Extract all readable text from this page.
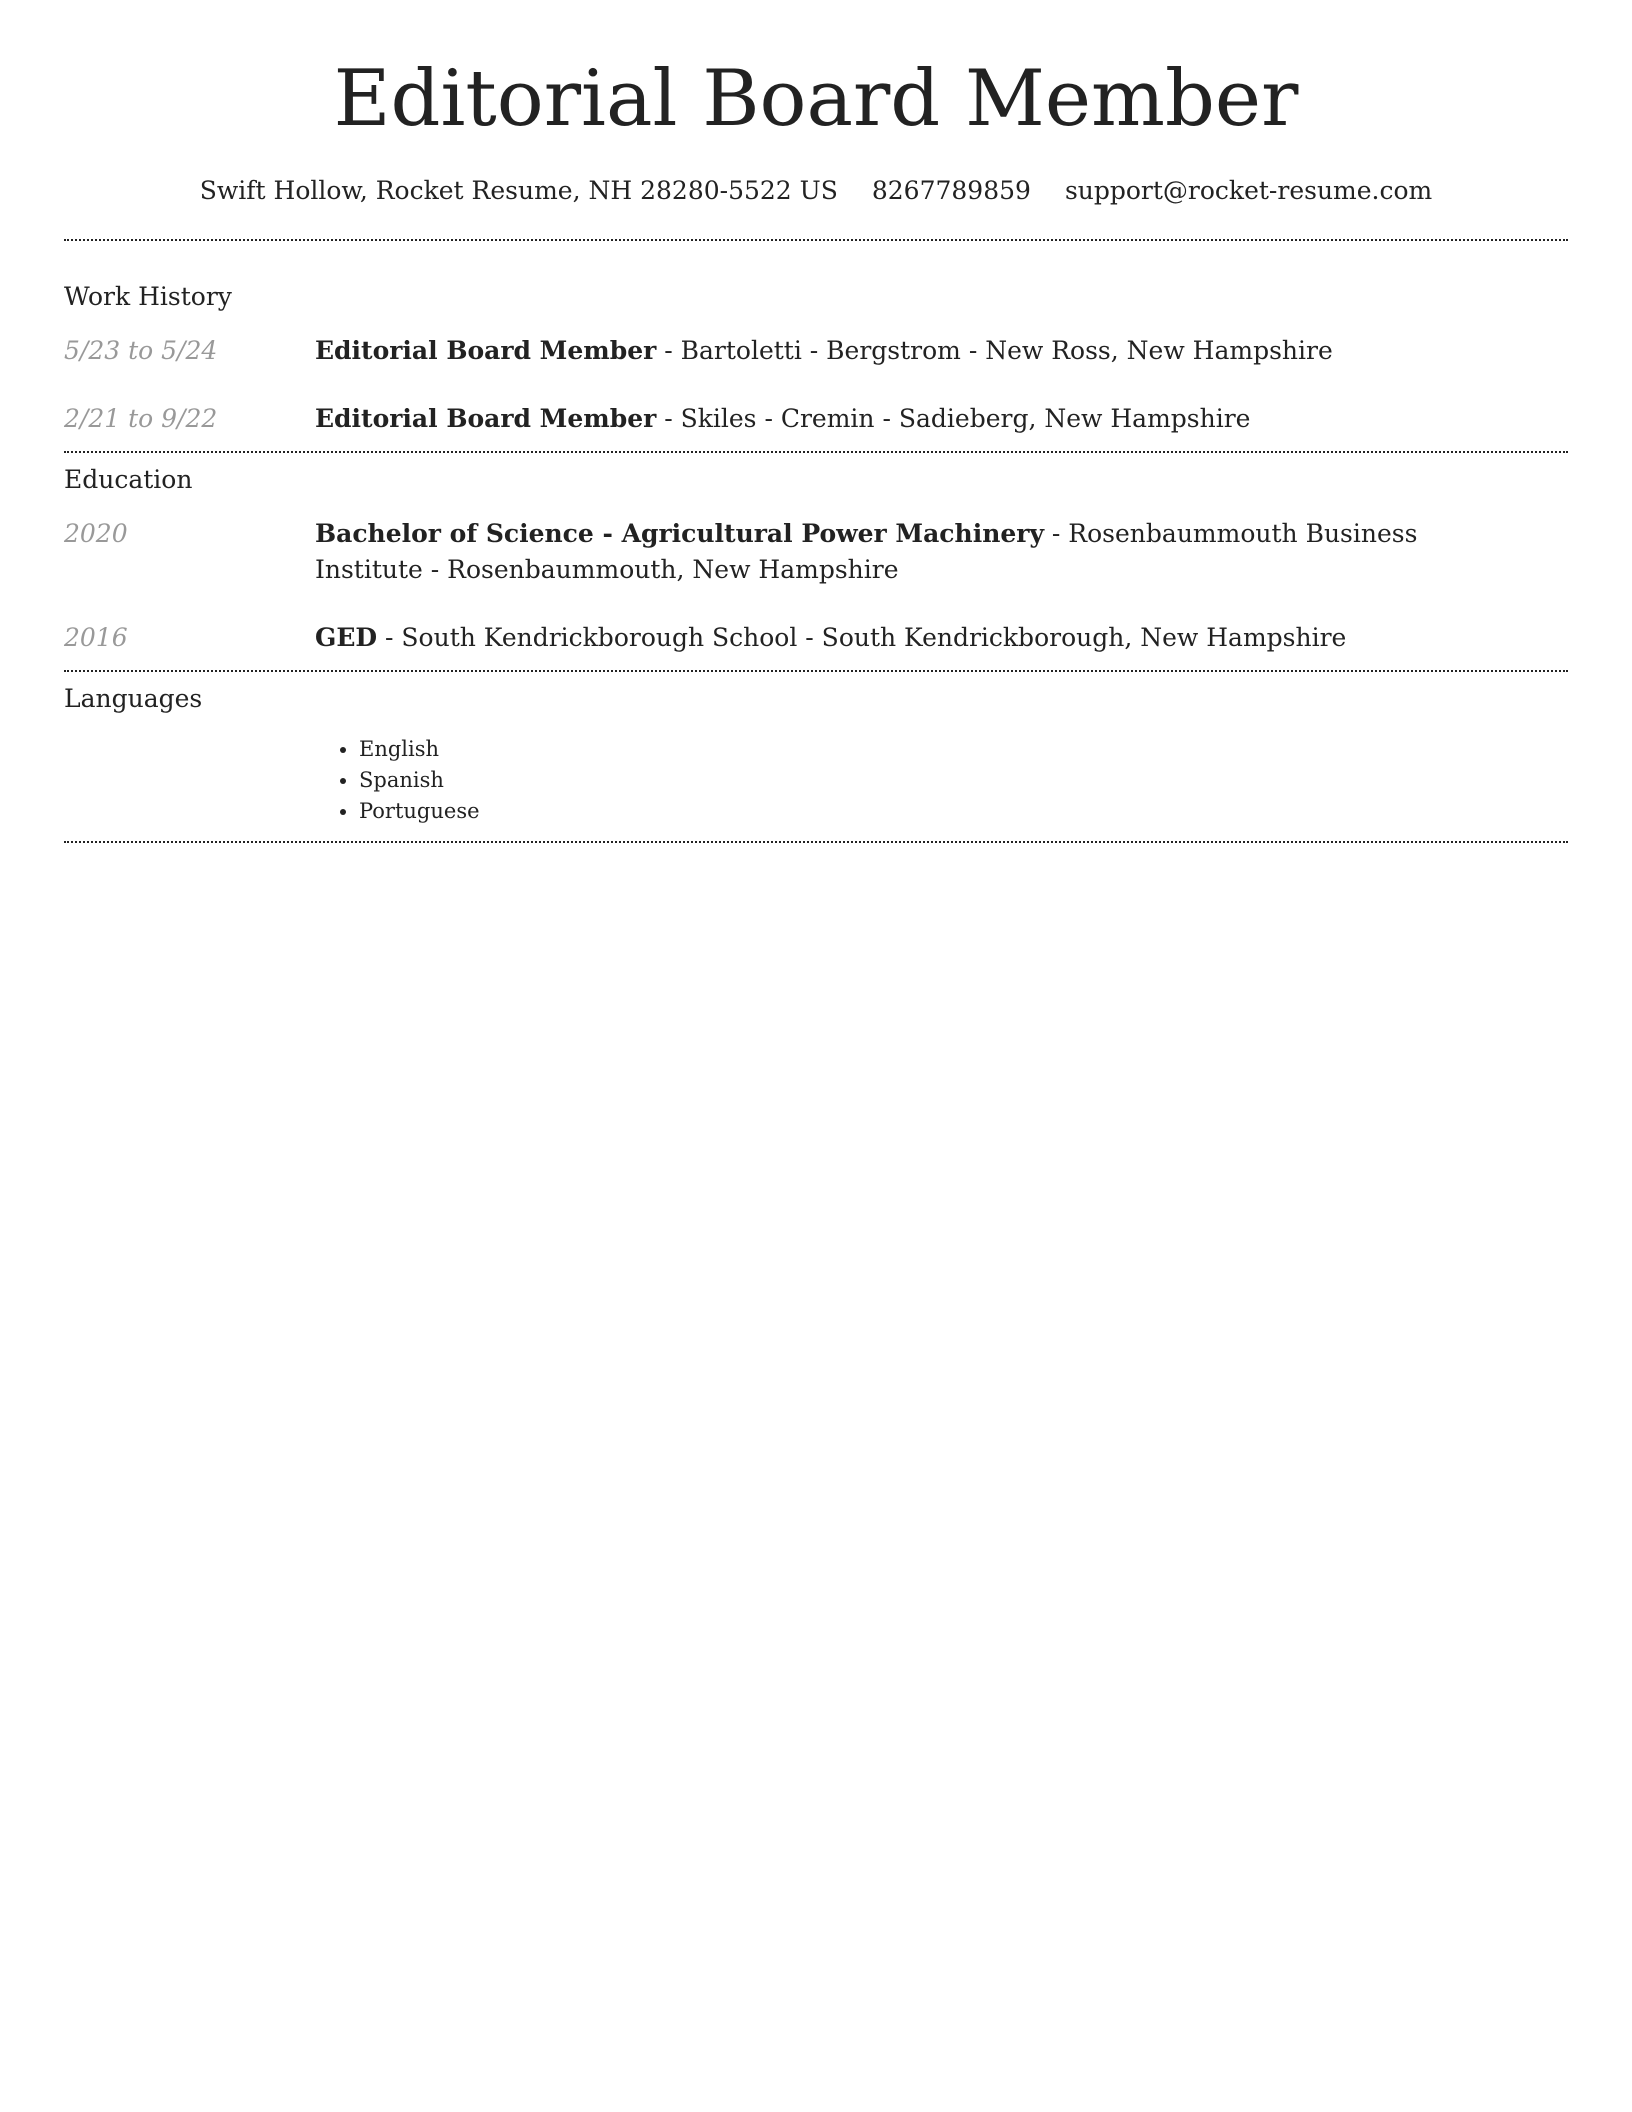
Editorial Board Member
Swift Hollow, Rocket Resume, NH 28280-5522 US 8267789859 support@rocket-resume.com
Work History
5/23 to 5/24	Editorial Board Member - Bartoletti - Bergstrom - New Ross, New Hampshire
2/21 to 9/22	Editorial Board Member - Skiles - Cremin - Sadieberg, New Hampshire
Education
2020	Bachelor of Science - Agricultural Power Machinery - Rosenbaummouth Business Institute - Rosenbaummouth, New Hampshire
2016	GED - South Kendrickborough School - South Kendrickborough, New Hampshire
Languages
• English
• Spanish
• Portuguese
